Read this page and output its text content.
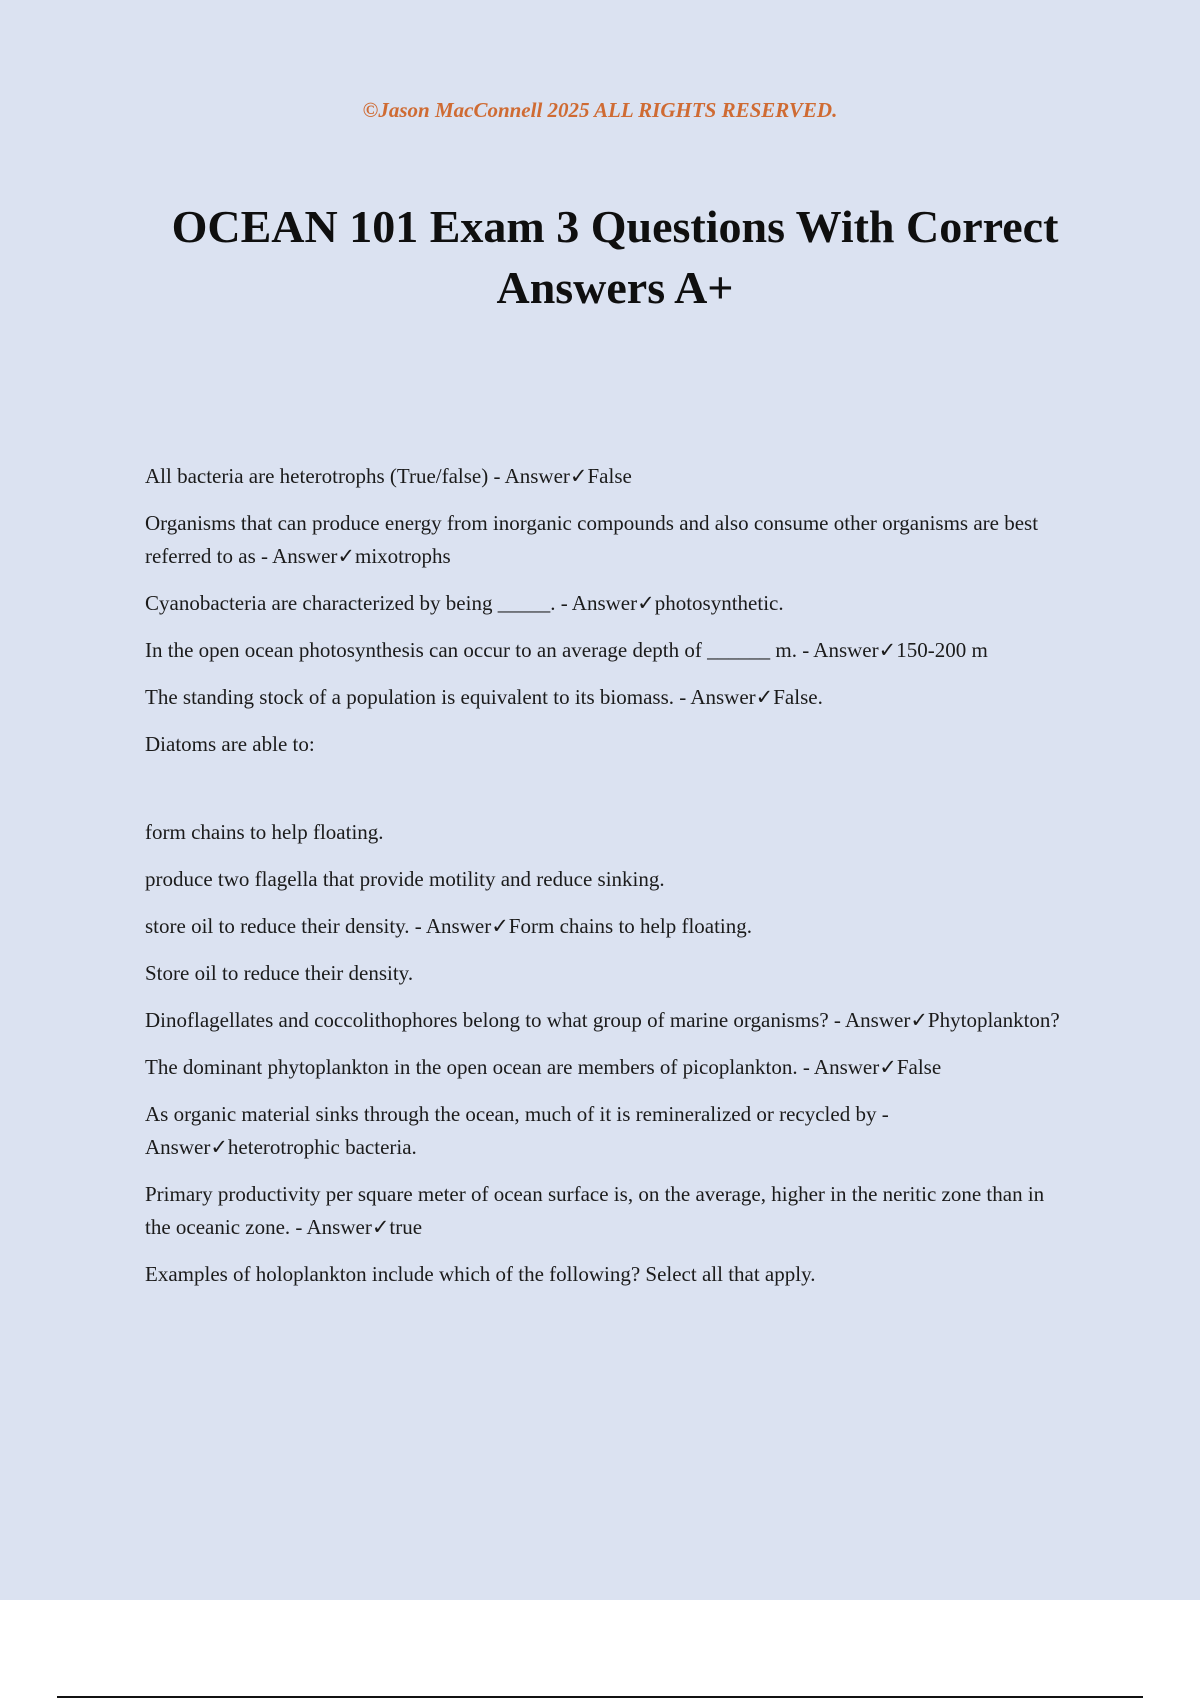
©Jason MacConnell 2025 ALL RIGHTS RESERVED.
OCEAN 101 Exam 3 Questions With Correct Answers A+

All bacteria are heterotrophs (True/false) - Answer✓False

Organisms that can produce energy from inorganic compounds and also consume other organisms are best referred to as - Answer✓mixotrophs

Cyanobacteria are characterized by being _____. - Answer✓photosynthetic.

In the open ocean photosynthesis can occur to an average depth of ______ m. - Answer✓150-200 m

The standing stock of a population is equivalent to its biomass. - Answer✓False.

Diatoms are able to:

form chains to help floating.

produce two flagella that provide motility and reduce sinking.

store oil to reduce their density. - Answer✓Form chains to help floating.

Store oil to reduce their density.

Dinoflagellates and coccolithophores belong to what group of marine organisms? - Answer✓Phytoplankton?

The dominant phytoplankton in the open ocean are members of picoplankton. - Answer✓False

As organic material sinks through the ocean, much of it is remineralized or recycled by - Answer✓heterotrophic bacteria.

Primary productivity per square meter of ocean surface is, on the average, higher in the neritic zone than in the oceanic zone. - Answer✓true

Examples of holoplankton include which of the following? Select all that apply.
